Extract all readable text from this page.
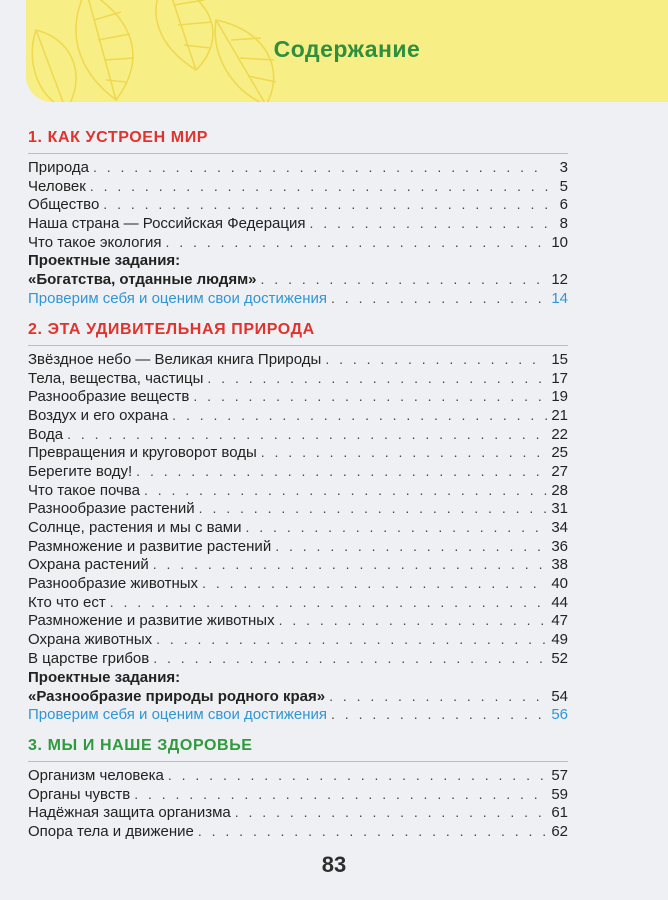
Содержание
1. КАК УСТРОЕН МИР
Природа . . .	3
Человек . . .	5
Общество . . .	6
Наша страна — Российская Федерация . . .	8
Что такое экология . . .	10
Проектные задания:
«Богатства, отданные людям» . . .	12
Проверим себя и оценим свои достижения . . .	14
2. ЭТА УДИВИТЕЛЬНАЯ ПРИРОДА
Звёздное небо — Великая книга Природы . . .	15
Тела, вещества, частицы . . .	17
Разнообразие веществ . . .	19
Воздух и его охрана . . .	21
Вода . . .	22
Превращения и круговорот воды . . .	25
Берегите воду! . . .	27
Что такое почва . . .	28
Разнообразие растений . . .	31
Солнце, растения и мы с вами . . .	34
Размножение и развитие растений . . .	36
Охрана растений . . .	38
Разнообразие животных . . .	40
Кто что ест . . .	44
Размножение и развитие животных . . .	47
Охрана животных . . .	49
В царстве грибов . . .	52
Проектные задания:
«Разнообразие природы родного края» . . .	54
Проверим себя и оценим свои достижения . . .	56
3. МЫ И НАШЕ ЗДОРОВЬЕ
Организм человека . . .	57
Органы чувств . . .	59
Надёжная защита организма . . .	61
Опора тела и движение . . .	62
83
